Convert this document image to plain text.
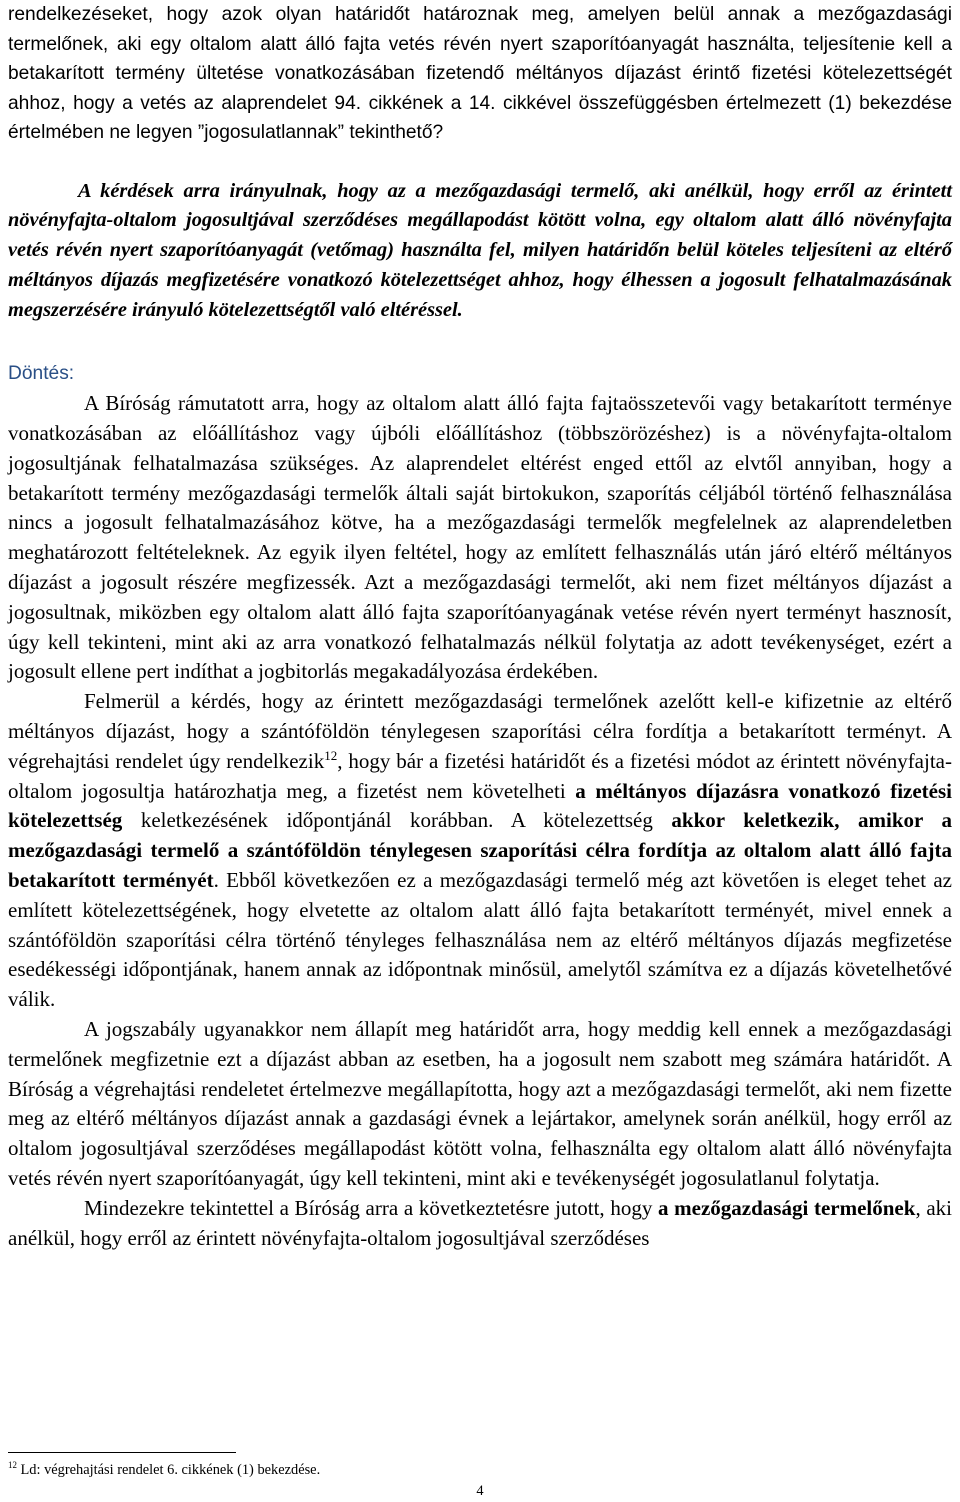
rendelkezéseket, hogy azok olyan határidőt határoznak meg, amelyen belül annak a mezőgazdasági termelőnek, aki egy oltalom alatt álló fajta vetés révén nyert szaporítóanyagát használta, teljesítenie kell a betakarított termény ültetése vonatkozásában fizetendő méltányos díjazást érintő fizetési kötelezettségét ahhoz, hogy a vetés az alaprendelet 94. cikkének a 14. cikkével összefüggésben értelmezett (1) bekezdése értelmében ne legyen ”jogosulatlannak” tekinthető?

A kérdések arra irányulnak, hogy az a mezőgazdasági termelő, aki anélkül, hogy erről az érintett növényfajta-oltalom jogosultjával szerződéses megállapodást kötött volna, egy oltalom alatt álló növényfajta vetés révén nyert szaporítóanyagát (vetőmag) használta fel, milyen határidőn belül köteles teljesíteni az eltérő méltányos díjazás megfizetésére vonatkozó kötelezettséget ahhoz, hogy élhessen a jogosult felhatalmazásának megszerzésére irányuló kötelezettségtől való eltéréssel.

Döntés:

A Bíróság rámutatott arra, hogy az oltalom alatt álló fajta fajtaösszetevői vagy betakarított terménye vonatkozásában az előállításhoz vagy újbóli előállításhoz (többszörözéshez) is a növényfajta-oltalom jogosultjának felhatalmazása szükséges. Az alaprendelet eltérést enged ettől az elvtől annyiban, hogy a betakarított termény mezőgazdasági termelők általi saját birtokukon, szaporítás céljából történő felhasználása nincs a jogosult felhatalmazásához kötve, ha a mezőgazdasági termelők megfelelnek az alaprendeletben meghatározott feltételeknek. Az egyik ilyen feltétel, hogy az említett felhasználás után járó eltérő méltányos díjazást a jogosult részére megfizessék. Azt a mezőgazdasági termelőt, aki nem fizet méltányos díjazást a jogosultnak, miközben egy oltalom alatt álló fajta szaporítóanyagának vetése révén nyert terményt hasznosít, úgy kell tekinteni, mint aki az arra vonatkozó felhatalmazás nélkül folytatja az adott tevékenységet, ezért a jogosult ellene pert indíthat a jogbitorlás megakadályozása érdekében.

Felmerül a kérdés, hogy az érintett mezőgazdasági termelőnek azelőtt kell-e kifizetnie az eltérő méltányos díjazást, hogy a szántóföldön ténylegesen szaporítási célra fordítja a betakarított terményt. A végrehajtási rendelet úgy rendelkezik$^{12}$, hogy bár a fizetési határidőt és a fizetési módot az érintett növényfajta-oltalom jogosultja határozhatja meg, a fizetést nem követelheti a méltányos díjazásra vonatkozó fizetési kötelezettség keletkezésének időpontjánál korábban. A kötelezettség akkor keletkezik, amikor a mezőgazdasági termelő a szántóföldön ténylegesen szaporítási célra fordítja az oltalom alatt álló fajta betakarított terményét. Ebből következően ez a mezőgazdasági termelő még azt követően is eleget tehet az említett kötelezettségének, hogy elvetette az oltalom alatt álló fajta betakarított terményét, mivel ennek a szántóföldön szaporítási célra történő tényleges felhasználása nem az eltérő méltányos díjazás megfizetése esedékességi időpontjának, hanem annak az időpontnak minősül, amelytől számítva ez a díjazás követelhetővé válik.

A jogszabály ugyanakkor nem állapít meg határidőt arra, hogy meddig kell ennek a mezőgazdasági termelőnek megfizetnie ezt a díjazást abban az esetben, ha a jogosult nem szabott meg számára határidőt. A Bíróság a végrehajtási rendeletet értelmezve megállapította, hogy azt a mezőgazdasági termelőt, aki nem fizette meg az eltérő méltányos díjazást annak a gazdasági évnek a lejártakor, amelynek során anélkül, hogy erről az oltalom jogosultjával szerződéses megállapodást kötött volna, felhasználta egy oltalom alatt álló növényfajta vetés révén nyert szaporítóanyagát, úgy kell tekinteni, mint aki e tevékenységét jogosulatlanul folytatja.

Mindezekre tekintettel a Bíróság arra a következtetésre jutott, hogy a mezőgazdasági termelőnek, aki anélkül, hogy erről az érintett növényfajta-oltalom jogosultjával szerződéses

$^{12}$ Ld: végrehajtási rendelet 6. cikkének (1) bekezdése.
4
